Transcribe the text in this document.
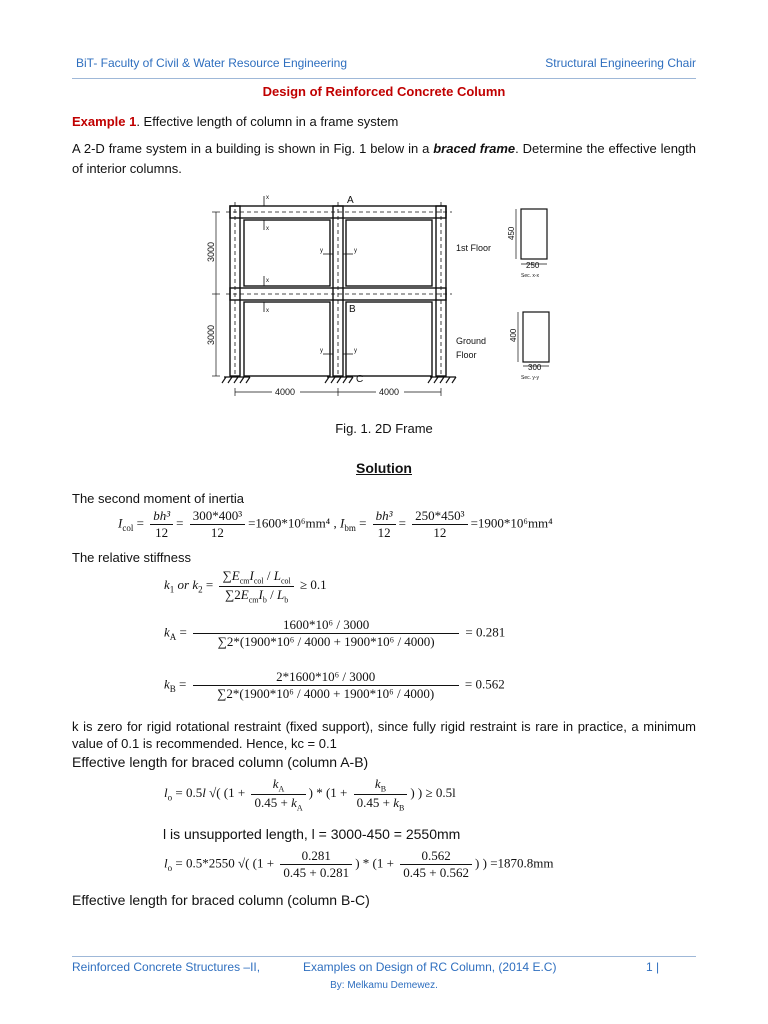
BiT- Faculty of Civil & Water Resource Engineering	Structural Engineering Chair
Design of Reinforced Concrete Column
Example 1. Effective length of column in a frame system
A 2-D frame system in a building is shown in Fig. 1 below in a braced frame. Determine the effective length of interior columns.
x
x
x
x
y	y
y	y
A
B
C
3000
3000
4000	4000
1st Floor
Ground
Floor
450
250
Sec. x-x
400
300
Sec. y-y
Fig. 1. 2D Frame
Solution
The second moment of inertia
$I_{col} = \frac{\text{bh³}}{12} = \frac{\text{300*400³}}{12} =1600*10^6mm^4$ , $I_{bm} = \frac{\text{bh³}}{12} = \frac{\text{250*450³}}{12} =1900*10^6mm^4$
The relative stiffness
$k_1$ or $k_2 = \frac{\sum E_{cm}I_{col} / L_{col}}{\sum 2E_{cm}I_b / L_b} \ge 0.1$
$k_A = \frac{\text{1600*10⁶ / 3000}}{\text{∑2*(1900*10⁶ / 4000 + 1900*10⁶ / 4000)}} = 0.281$
$k_B = \frac{\text{2*1600*10⁶ / 3000}}{\text{∑2*(1900*10⁶ / 4000 + 1900*10⁶ / 4000)}} = 0.562$
k is zero for rigid rotational restraint (fixed support), since fully rigid restraint is rare in practice, a minimum value of 0.1 is recommended. Hence, kc = 0.1
Effective length for braced column (column A-B)
$l_o = 0.5l$ √( ($1 + \frac{k_A}{0.45 + k_A}$ ) * ($1 + \frac{k_B}{0.45 + k_B}$ ) ) ≥ 0.5l
l is unsupported length, l = 3000-450 = 2550mm
$l_o = 0.5*2550$ √( ($1 + \frac{0.281}{0.45 + 0.281}$ ) * ($1 + \frac{0.562}{0.45 + 0.562}$ ) ) =1870.8mm
Effective length for braced column (column B-C)
Reinforced Concrete Structures –II,	Examples on Design of RC Column, (2014 E.C)	1 |
By: Melkamu Demewez.
